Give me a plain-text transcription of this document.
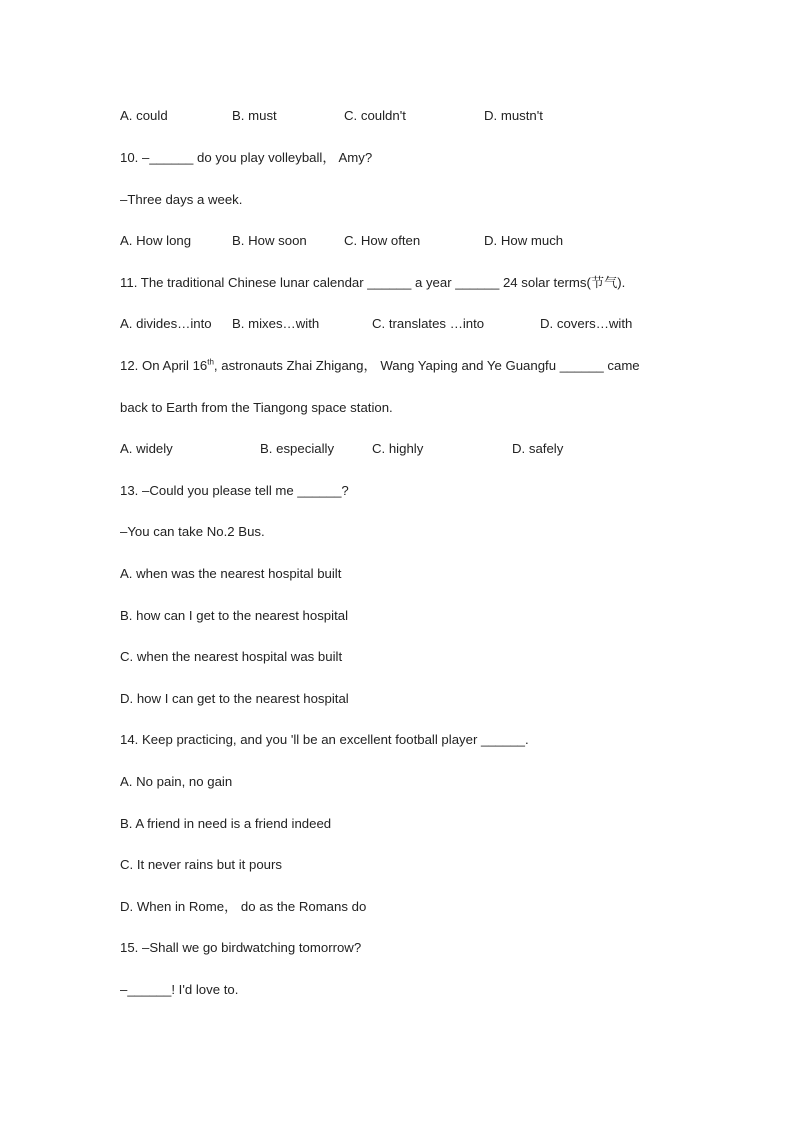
A. could	B. must	C. couldn't	D. mustn't
10. –______ do you play volleyball， Amy?
–Three days a week.
A. How long	B. How soon	C. How often	D. How much
11. The traditional Chinese lunar calendar ______ a year ______ 24 solar terms(节气).
A. divides…into B. mixes…with	C. translates …into	D. covers…with
12. On April 16th, astronauts Zhai Zhigang， Wang Yaping and Ye Guangfu ______ came
back to Earth from the Tiangong space station.
A. widely	B. especially	C. highly	D. safely
13. –Could you please tell me ______?
–You can take No.2 Bus.
A. when was the nearest hospital built
B. how can I get to the nearest hospital
C. when the nearest hospital was built
D. how I can get to the nearest hospital
14. Keep practicing, and you 'll be an excellent football player ______.
A. No pain, no gain
B. A friend in need is a friend indeed
C. It never rains but it pours
D. When in Rome， do as the Romans do
15. –Shall we go birdwatching tomorrow?
–______! I'd love to.
